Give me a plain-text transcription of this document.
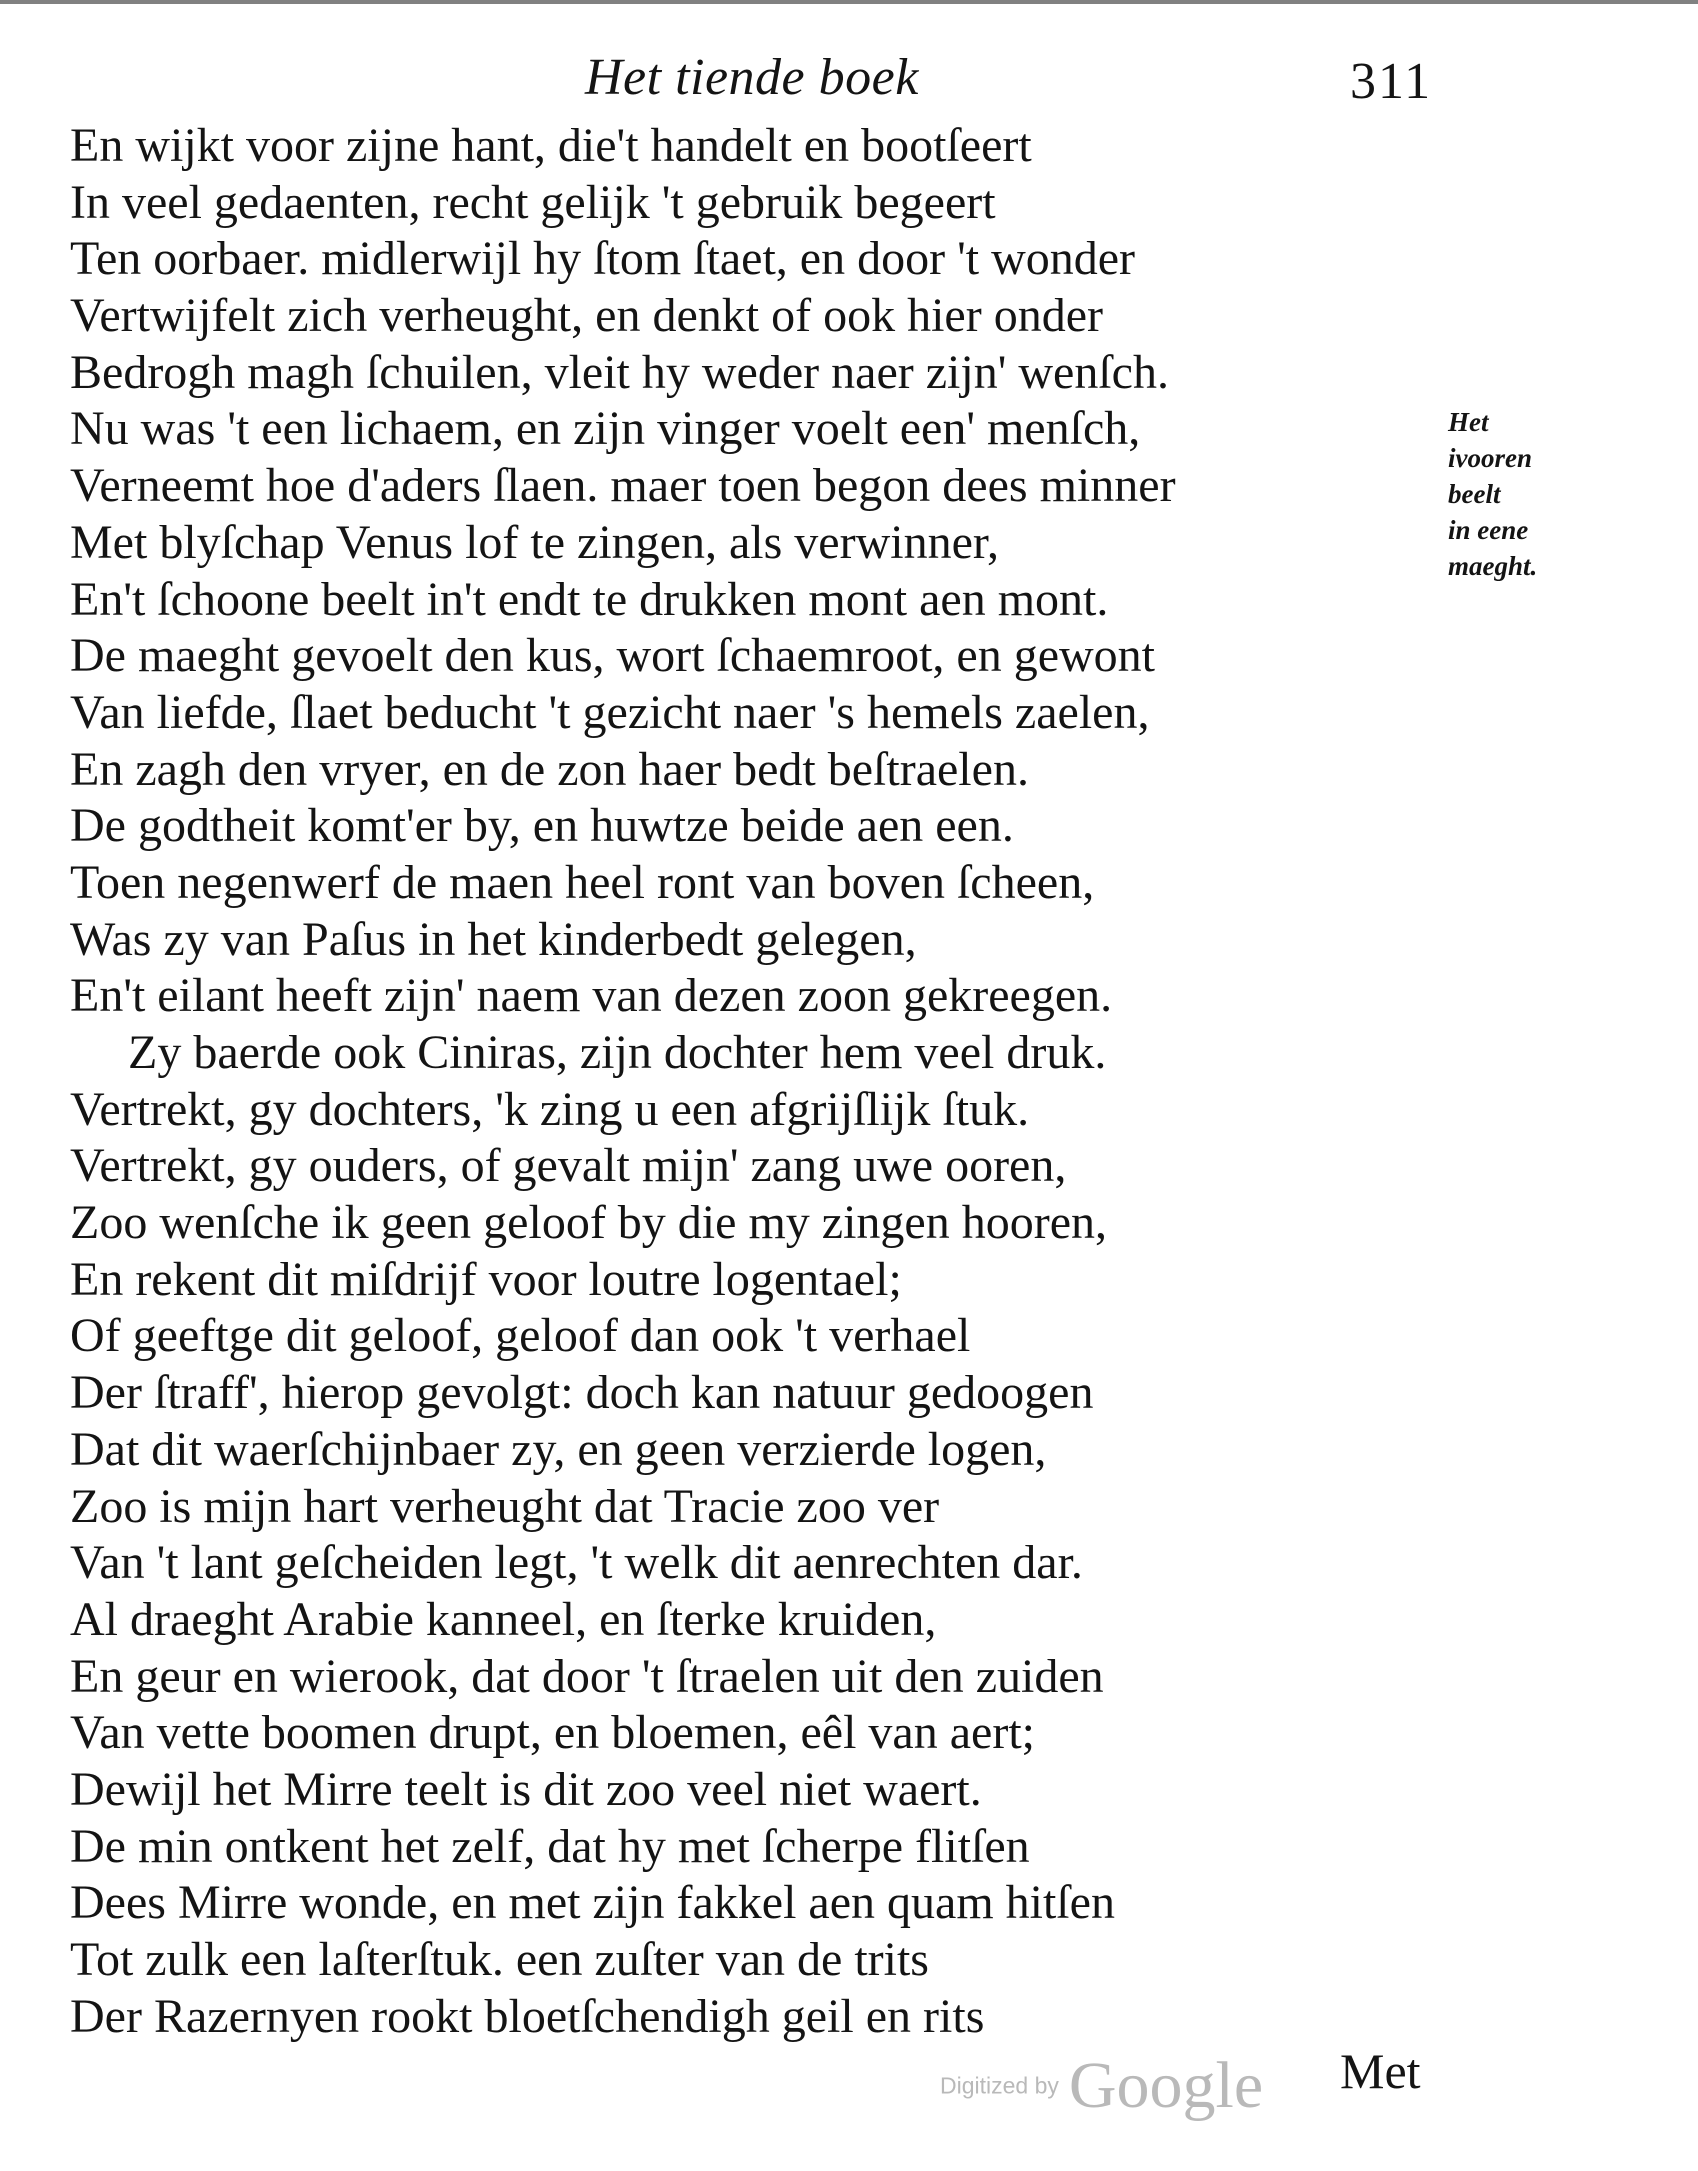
Het tiende boek	311
En wijkt voor zijne hant, die't handelt en bootſeert
In veel gedaenten, recht gelijk 't gebruik begeert
Ten oorbaer. midlerwijl hy ſtom ſtaet, en door 't wonder
Vertwijfelt zich verheught, en denkt of ook hier onder
Bedrogh magh ſchuilen, vleit hy weder naer zijn' wenſch.
Nu was 't een lichaem, en zijn vinger voelt een' menſch,
Verneemt hoe d'aders ſlaen. maer toen begon dees minner
Met blyſchap Venus lof te zingen, als verwinner,
En't ſchoone beelt in't endt te drukken mont aen mont.
De maeght gevoelt den kus, wort ſchaemroot, en gewont
Van liefde, ſlaet beducht 't gezicht naer 's hemels zaelen,
En zagh den vryer, en de zon haer bedt beſtraelen.
De godtheit komt'er by, en huwtze beide aen een.
Toen negenwerf de maen heel ront van boven ſcheen,
Was zy van Paſus in het kinderbedt gelegen,
En't eilant heeft zijn' naem van dezen zoon gekreegen.
Zy baerde ook Ciniras, zijn dochter hem veel druk.
Vertrekt, gy dochters, 'k zing u een afgrijſlijk ſtuk.
Vertrekt, gy ouders, of gevalt mijn' zang uwe ooren,
Zoo wenſche ik geen geloof by die my zingen hooren,
En rekent dit miſdrijf voor loutre logentael;
Of geeftge dit geloof, geloof dan ook 't verhael
Der ſtraff', hierop gevolgt: doch kan natuur gedoogen
Dat dit waerſchijnbaer zy, en geen verzierde logen,
Zoo is mijn hart verheught dat Tracie zoo ver
Van 't lant geſcheiden legt, 't welk dit aenrechten dar.
Al draeght Arabie kanneel, en ſterke kruiden,
En geur en wierook, dat door 't ſtraelen uit den zuiden
Van vette boomen drupt, en bloemen, eêl van aert;
Dewijl het Mirre teelt is dit zoo veel niet waert.
De min ontkent het zelf, dat hy met ſcherpe flitſen
Dees Mirre wonde, en met zijn fakkel aen quam hitſen
Tot zulk een laſterſtuk. een zuſter van de trits
Der Razernyen rookt bloetſchendigh geil en rits
Het
ivooren
beelt
in eene
maeght.
Digitized by Google Met
